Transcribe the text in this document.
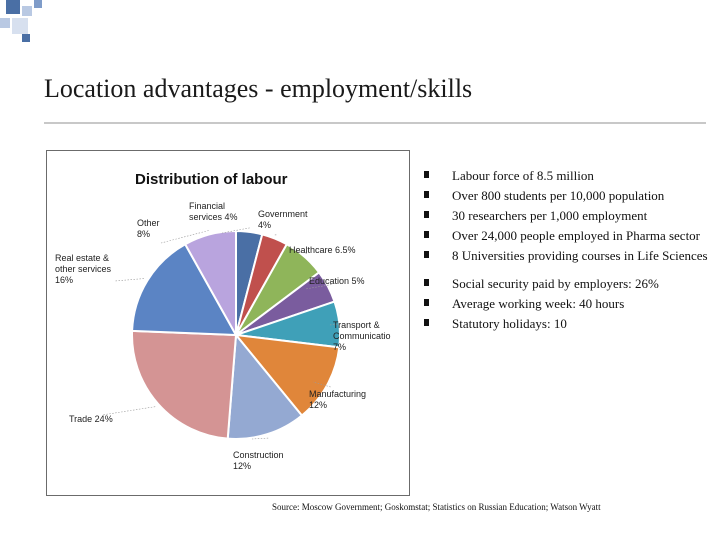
Location advantages - employment/skills
Distribution of labour
Financial services 4% Government 4%
Healthcare 6.5%
Education 5%
Transport & Communicatio 7%
Manufacturing 12%
Construction 12%
Trade 24%
Real estate & other services 16%
Other 8%
Labour force of 8.5 million
Over 800 students per 10,000 population
30 researchers per 1,000 employment
Over 24,000 people employed in Pharma sector
8 Universities providing courses in Life Sciences
Social security paid by employers: 26%
Average working week: 40 hours
Statutory holidays: 10
Source: Moscow Government; Goskomstat; Statistics on Russian Education; Watson Wyatt
